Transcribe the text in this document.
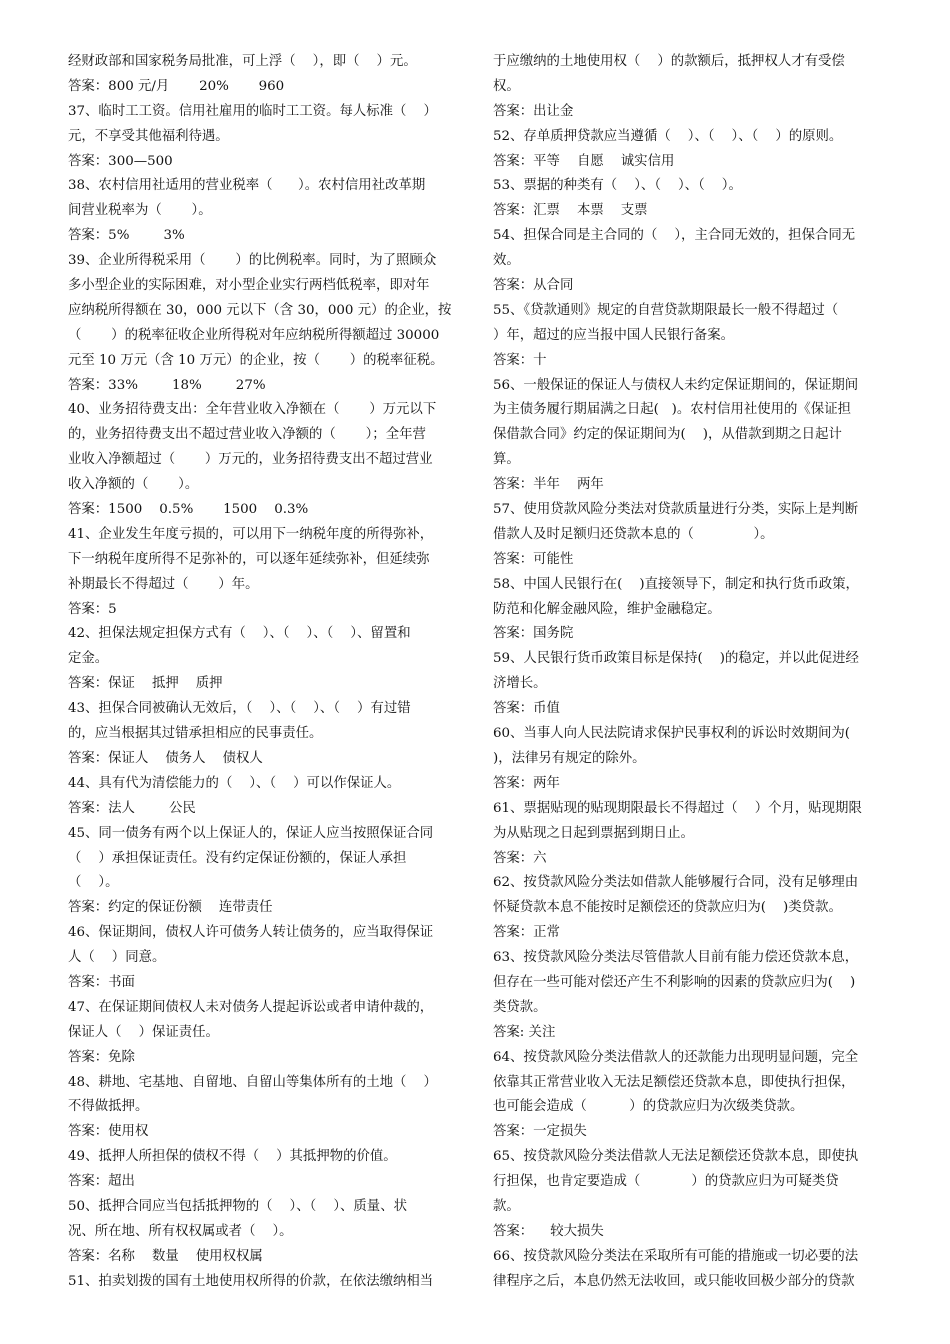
经财政部和国家税务局批准，可上浮（    ），即（    ）元。
答案：800 元/月       20%       960
37、临时工工资。信用社雇用的临时工工资。每人标准（    ）
元，不享受其他福利待遇。
答案：300—500
38、农村信用社适用的营业税率（      ）。农村信用社改革期
间营业税率为（       ）。
答案：5%        3%
39、企业所得税采用（       ）的比例税率。同时，为了照顾众
多小型企业的实际困难，对小型企业实行两档低税率，即对年
应纳税所得额在 30，000 元以下（含 30，000 元）的企业，按
（       ）的税率征收企业所得税对年应纳税所得额超过 30000
元至 10 万元（含 10 万元）的企业，按（       ）的税率征税。
答案：33%        18%        27%
40、业务招待费支出：全年营业收入净额在（       ）万元以下
的，业务招待费支出不超过营业收入净额的（       ）；全年营
业收入净额超过（       ）万元的，业务招待费支出不超过营业
收入净额的（       ）。
答案：1500    0.5%       1500    0.3%
41、企业发生年度亏损的，可以用下一纳税年度的所得弥补，
下一纳税年度所得不足弥补的，可以逐年延续弥补，但延续弥
补期最长不得超过（       ）年。
答案：5
42、担保法规定担保方式有（    ）、（    ）、（    ）、留置和
定金。
答案：保证    抵押    质押
43、担保合同被确认无效后，（    ）、（    ）、（    ）有过错
的，应当根据其过错承担相应的民事责任。
答案：保证人    债务人    债权人
44、具有代为清偿能力的（    ）、（    ）可以作保证人。
答案：法人        公民
45、同一债务有两个以上保证人的，保证人应当按照保证合同
（    ）承担保证责任。没有约定保证份额的，保证人承担
（    ）。
答案：约定的保证份额    连带责任
46、保证期间，债权人许可债务人转让债务的，应当取得保证
人（    ）同意。
答案：书面
47、在保证期间债权人未对债务人提起诉讼或者申请仲裁的，
保证人（    ）保证责任。
答案：免除
48、耕地、宅基地、自留地、自留山等集体所有的土地（    ）
不得做抵押。
答案：使用权
49、抵押人所担保的债权不得（    ）其抵押物的价值。
答案：超出
50、抵押合同应当包括抵押物的（    ）、（    ）、质量、状
况、所在地、所有权权属或者（    ）。
答案：名称    数量    使用权权属
51、拍卖划拨的国有土地使用权所得的价款，在依法缴纳相当
于应缴纳的土地使用权（    ）的款额后，抵押权人才有受偿
权。
答案：出让金
52、存单质押贷款应当遵循（    ）、（    ）、（    ）的原则。
答案：平等    自愿    诚实信用
53、票据的种类有（    ）、（    ）、（    ）。
答案：汇票    本票    支票
54、担保合同是主合同的（    ），主合同无效的，担保合同无
效。
答案：从合同
55、《贷款通则》规定的自营贷款期限最长一般不得超过（
）年，超过的应当报中国人民银行备案。
答案：十
56、一般保证的保证人与债权人未约定保证期间的，保证期间
为主债务履行期届满之日起(   )。农村信用社使用的《保证担
保借款合同》约定的保证期间为(    )，从借款到期之日起计
算。
答案：半年    两年
57、使用贷款风险分类法对贷款质量进行分类，实际上是判断
借款人及时足额归还贷款本息的（              ）。
答案：可能性
58、中国人民银行在(    )直接领导下，制定和执行货币政策，
防范和化解金融风险，维护金融稳定。
答案：国务院
59、人民银行货币政策目标是保持(    )的稳定，并以此促进经
济增长。
答案：币值
60、当事人向人民法院请求保护民事权利的诉讼时效期间为(
)，法律另有规定的除外。
答案：两年
61、票据贴现的贴现期限最长不得超过（    ）个月，贴现期限
为从贴现之日起到票据到期日止。
答案：六
62、按贷款风险分类法如借款人能够履行合同，没有足够理由
怀疑贷款本息不能按时足额偿还的贷款应归为(    )类贷款。
答案：正常
63、按贷款风险分类法尽管借款人目前有能力偿还贷款本息，
但存在一些可能对偿还产生不利影响的因素的贷款应归为(    )
类贷款。
答案: 关注
64、按贷款风险分类法借款人的还款能力出现明显问题，完全
依靠其正常营业收入无法足额偿还贷款本息，即使执行担保，
也可能会造成（          ）的贷款应归为次级类贷款。
答案：一定损失
65、按贷款风险分类法借款人无法足额偿还贷款本息，即使执
行担保，也肯定要造成（            ）的贷款应归为可疑类贷
款。
答案：    较大损失
66、按贷款风险分类法在采取所有可能的措施或一切必要的法
律程序之后，本息仍然无法收回，或只能收回极少部分的贷款
